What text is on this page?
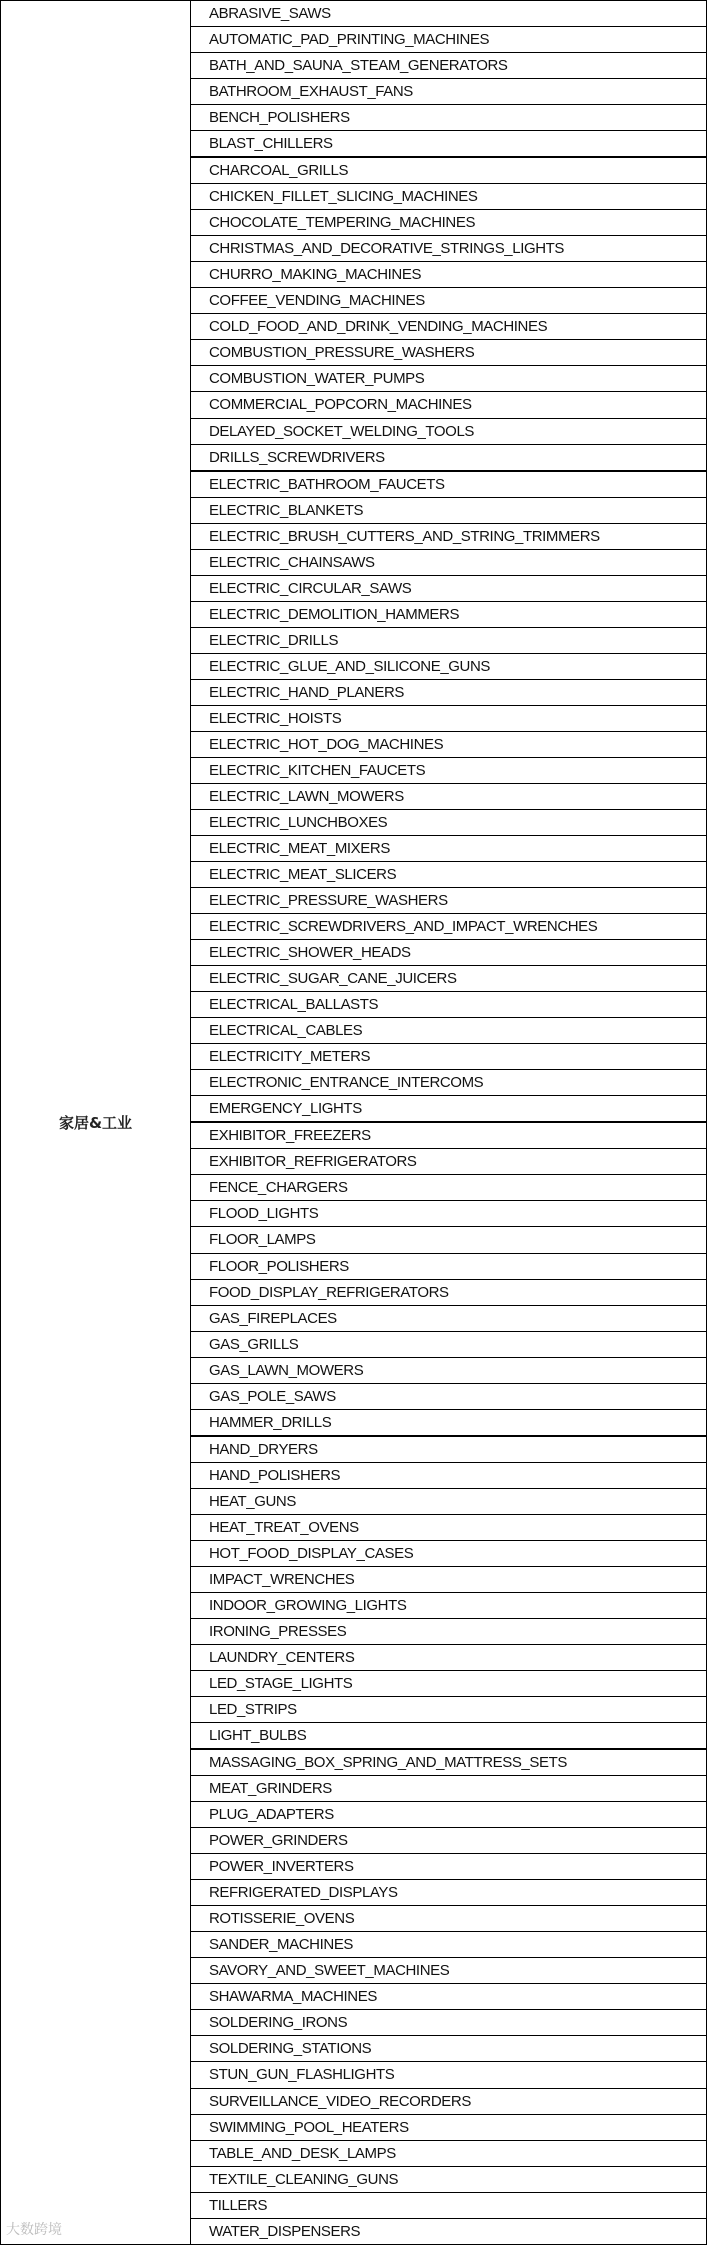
家居&工业
ABRASIVE_SAWS
AUTOMATIC_PAD_PRINTING_MACHINES
BATH_AND_SAUNA_STEAM_GENERATORS
BATHROOM_EXHAUST_FANS
BENCH_POLISHERS
BLAST_CHILLERS
CHARCOAL_GRILLS
CHICKEN_FILLET_SLICING_MACHINES
CHOCOLATE_TEMPERING_MACHINES
CHRISTMAS_AND_DECORATIVE_STRINGS_LIGHTS
CHURRO_MAKING_MACHINES
COFFEE_VENDING_MACHINES
COLD_FOOD_AND_DRINK_VENDING_MACHINES
COMBUSTION_PRESSURE_WASHERS
COMBUSTION_WATER_PUMPS
COMMERCIAL_POPCORN_MACHINES
DELAYED_SOCKET_WELDING_TOOLS
DRILLS_SCREWDRIVERS
ELECTRIC_BATHROOM_FAUCETS
ELECTRIC_BLANKETS
ELECTRIC_BRUSH_CUTTERS_AND_STRING_TRIMMERS
ELECTRIC_CHAINSAWS
ELECTRIC_CIRCULAR_SAWS
ELECTRIC_DEMOLITION_HAMMERS
ELECTRIC_DRILLS
ELECTRIC_GLUE_AND_SILICONE_GUNS
ELECTRIC_HAND_PLANERS
ELECTRIC_HOISTS
ELECTRIC_HOT_DOG_MACHINES
ELECTRIC_KITCHEN_FAUCETS
ELECTRIC_LAWN_MOWERS
ELECTRIC_LUNCHBOXES
ELECTRIC_MEAT_MIXERS
ELECTRIC_MEAT_SLICERS
ELECTRIC_PRESSURE_WASHERS
ELECTRIC_SCREWDRIVERS_AND_IMPACT_WRENCHES
ELECTRIC_SHOWER_HEADS
ELECTRIC_SUGAR_CANE_JUICERS
ELECTRICAL_BALLASTS
ELECTRICAL_CABLES
ELECTRICITY_METERS
ELECTRONIC_ENTRANCE_INTERCOMS
EMERGENCY_LIGHTS
EXHIBITOR_FREEZERS
EXHIBITOR_REFRIGERATORS
FENCE_CHARGERS
FLOOD_LIGHTS
FLOOR_LAMPS
FLOOR_POLISHERS
FOOD_DISPLAY_REFRIGERATORS
GAS_FIREPLACES
GAS_GRILLS
GAS_LAWN_MOWERS
GAS_POLE_SAWS
HAMMER_DRILLS
HAND_DRYERS
HAND_POLISHERS
HEAT_GUNS
HEAT_TREAT_OVENS
HOT_FOOD_DISPLAY_CASES
IMPACT_WRENCHES
INDOOR_GROWING_LIGHTS
IRONING_PRESSES
LAUNDRY_CENTERS
LED_STAGE_LIGHTS
LED_STRIPS
LIGHT_BULBS
MASSAGING_BOX_SPRING_AND_MATTRESS_SETS
MEAT_GRINDERS
PLUG_ADAPTERS
POWER_GRINDERS
POWER_INVERTERS
REFRIGERATED_DISPLAYS
ROTISSERIE_OVENS
SANDER_MACHINES
SAVORY_AND_SWEET_MACHINES
SHAWARMA_MACHINES
SOLDERING_IRONS
SOLDERING_STATIONS
STUN_GUN_FLASHLIGHTS
SURVEILLANCE_VIDEO_RECORDERS
SWIMMING_POOL_HEATERS
TABLE_AND_DESK_LAMPS
TEXTILE_CLEANING_GUNS
TILLERS
WATER_DISPENSERS
大数跨境
